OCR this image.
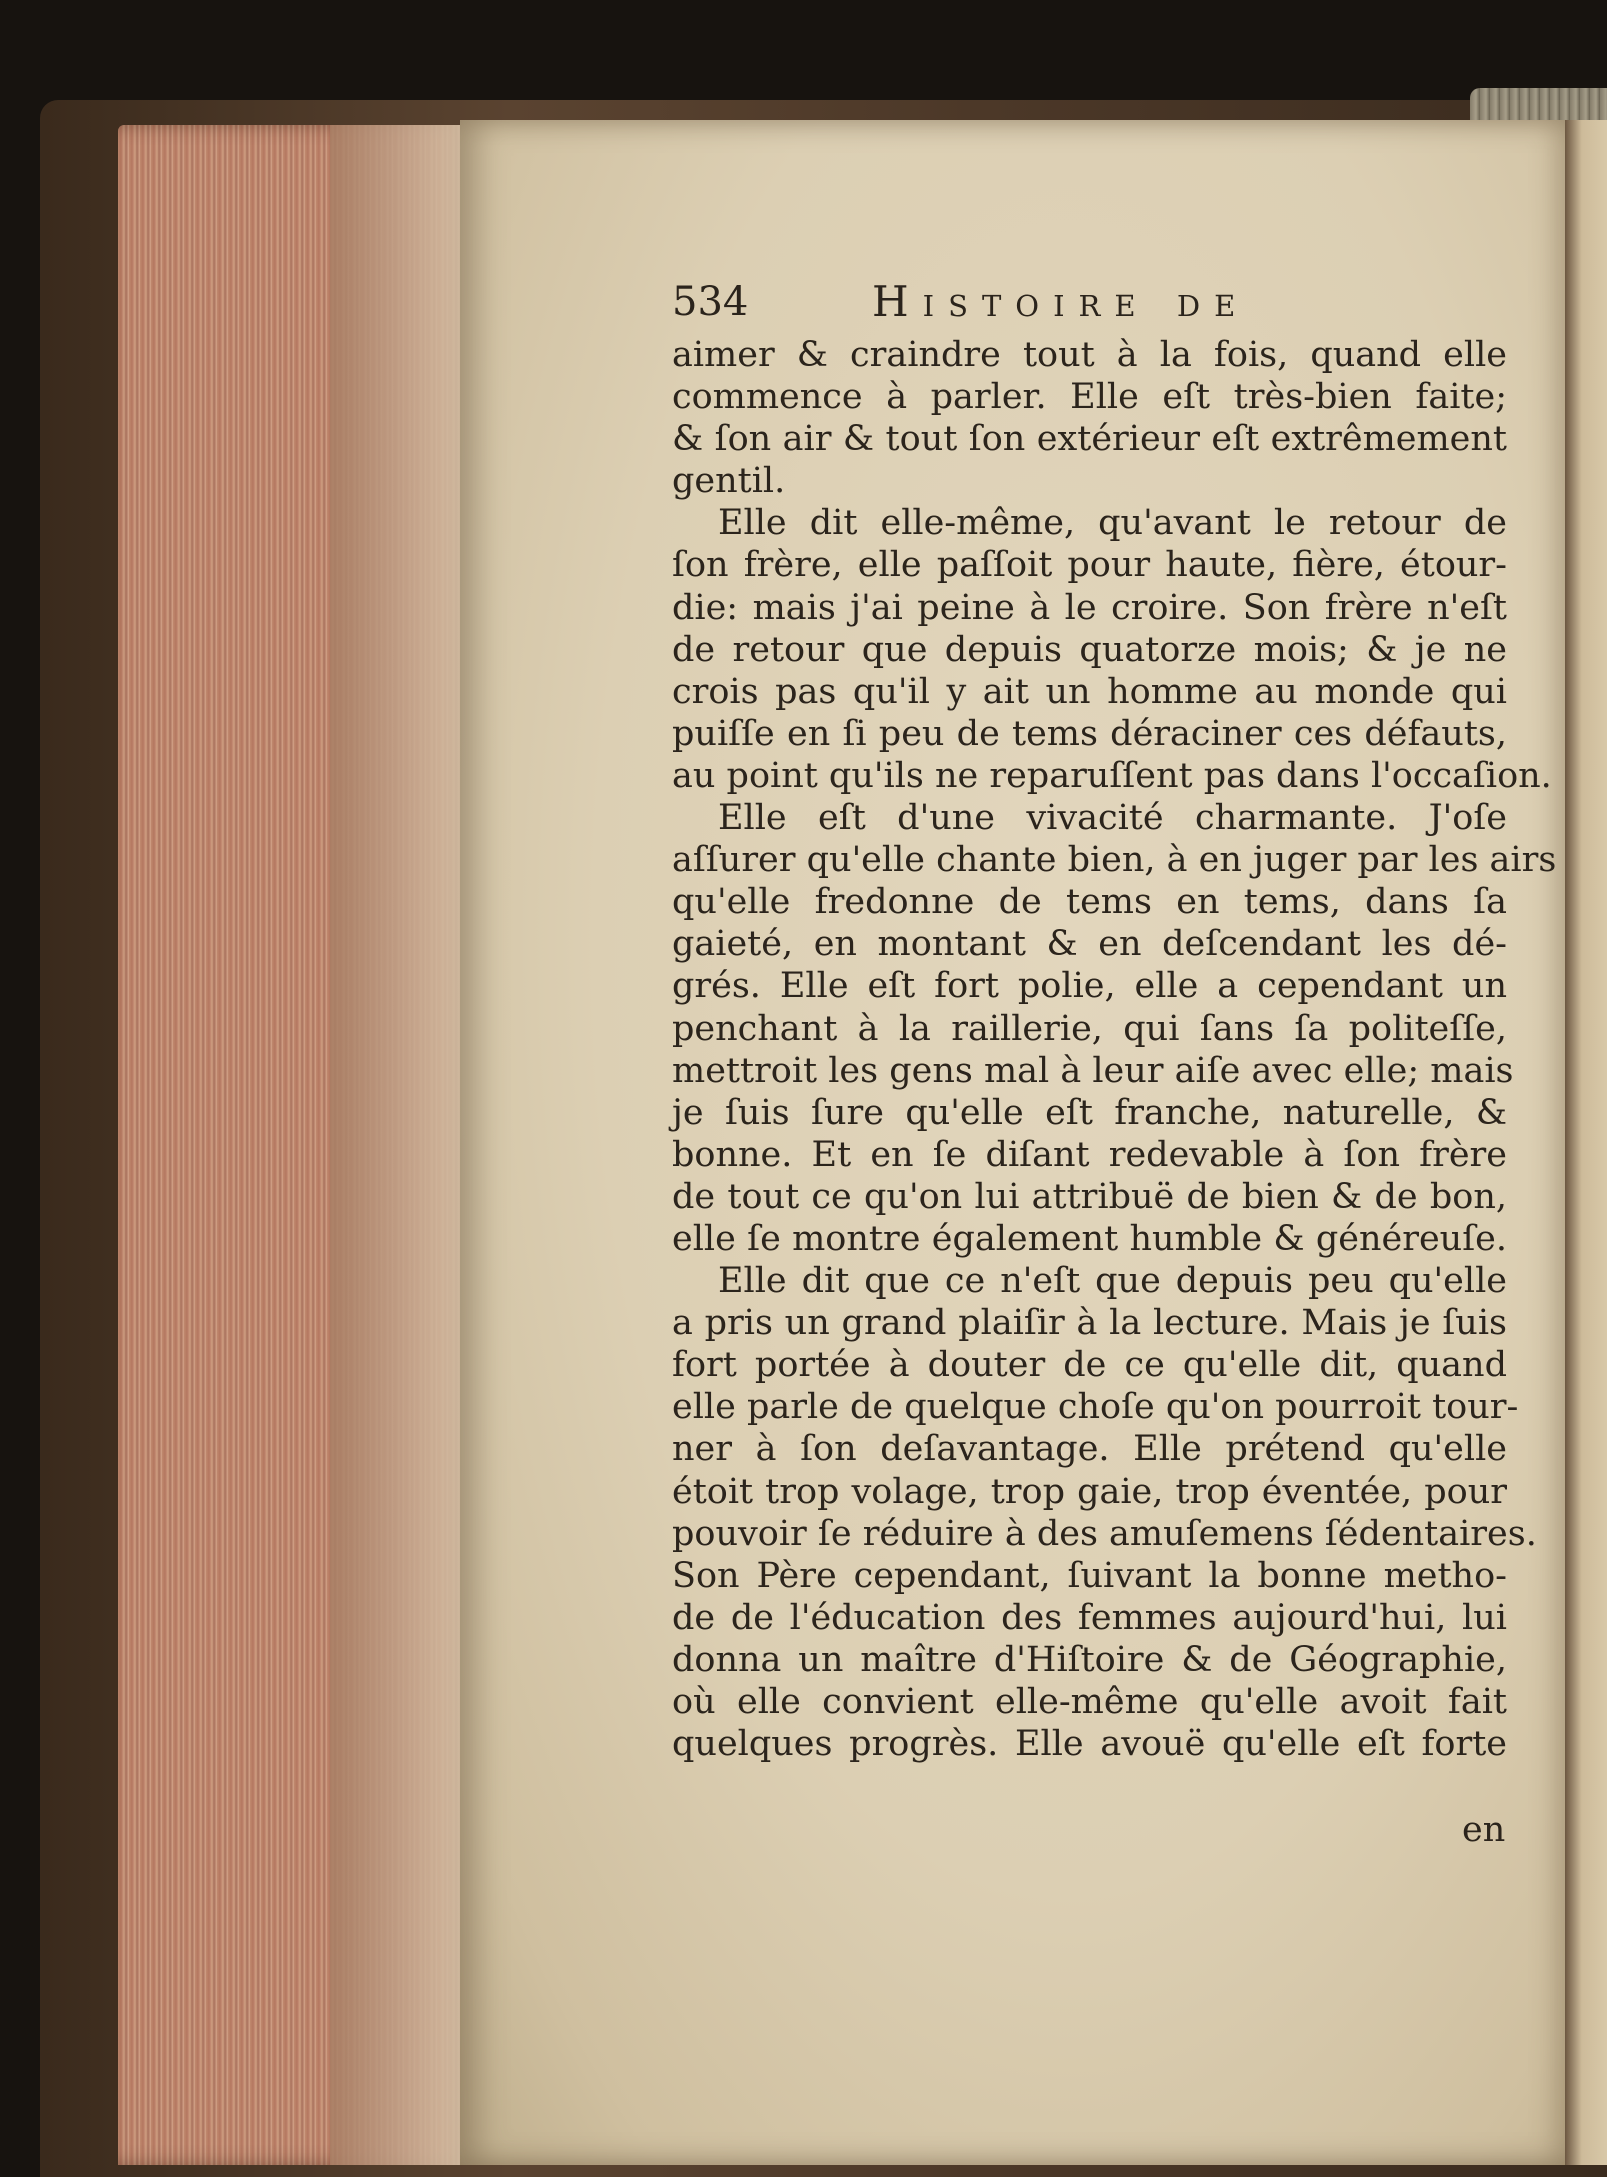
534	Histoire de
aimer & craindre tout à la fois, quand elle
commence à parler. Elle eſt très-bien faite;
& ſon air & tout ſon extérieur eſt extrêmement
gentil.
Elle dit elle-même, qu'avant le retour de
ſon frère, elle paſſoit pour haute, fière, étour-
die: mais j'ai peine à le croire. Son frère n'eſt
de retour que depuis quatorze mois; & je ne
crois pas qu'il y ait un homme au monde qui
puiſſe en ſi peu de tems déraciner ces défauts,
au point qu'ils ne reparuſſent pas dans l'occaſion.
Elle eſt d'une vivacité charmante. J'oſe
aſſurer qu'elle chante bien, à en juger par les airs
qu'elle fredonne de tems en tems, dans ſa
gaieté, en montant & en deſcendant les dé-
grés. Elle eſt fort polie, elle a cependant un
penchant à la raillerie, qui ſans ſa politeſſe,
mettroit les gens mal à leur aiſe avec elle; mais
je ſuis ſure qu'elle eſt franche, naturelle, &
bonne. Et en ſe diſant redevable à ſon frère
de tout ce qu'on lui attribuë de bien & de bon,
elle ſe montre également humble & généreuſe.
Elle dit que ce n'eſt que depuis peu qu'elle
a pris un grand plaiſir à la lecture. Mais je ſuis
fort portée à douter de ce qu'elle dit, quand
elle parle de quelque choſe qu'on pourroit tour-
ner à ſon deſavantage. Elle prétend qu'elle
étoit trop volage, trop gaie, trop éventée, pour
pouvoir ſe réduire à des amuſemens ſédentaires.
Son Père cependant, ſuivant la bonne metho-
de de l'éducation des femmes aujourd'hui, lui
donna un maître d'Hiſtoire & de Géographie,
où elle convient elle-même qu'elle avoit fait
quelques progrès. Elle avouë qu'elle eſt forte
en
